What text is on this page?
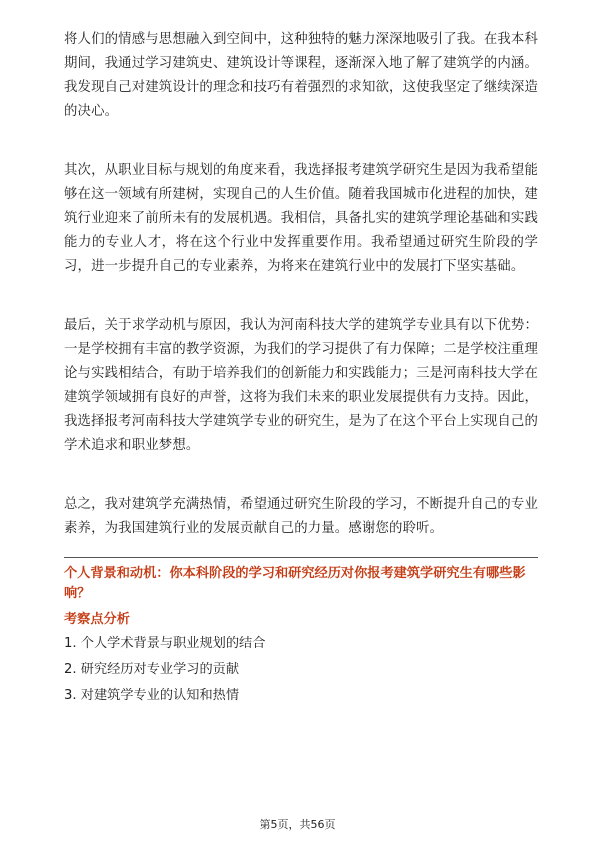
将人们的情感与思想融入到空间中，这种独特的魅力深深地吸引了我。在我本科期间，我通过学习建筑史、建筑设计等课程，逐渐深入地了解了建筑学的内涵。我发现自己对建筑设计的理念和技巧有着强烈的求知欲，这使我坚定了继续深造的决心。

其次，从职业目标与规划的角度来看，我选择报考建筑学研究生是因为我希望能够在这一领域有所建树，实现自己的人生价值。随着我国城市化进程的加快，建筑行业迎来了前所未有的发展机遇。我相信，具备扎实的建筑学理论基础和实践能力的专业人才，将在这个行业中发挥重要作用。我希望通过研究生阶段的学习，进一步提升自己的专业素养，为将来在建筑行业中的发展打下坚实基础。

最后，关于求学动机与原因，我认为河南科技大学的建筑学专业具有以下优势：一是学校拥有丰富的教学资源，为我们的学习提供了有力保障；二是学校注重理论与实践相结合，有助于培养我们的创新能力和实践能力；三是河南科技大学在建筑学领域拥有良好的声誉，这将为我们未来的职业发展提供有力支持。因此，我选择报考河南科技大学建筑学专业的研究生，是为了在这个平台上实现自己的学术追求和职业梦想。

总之，我对建筑学充满热情，希望通过研究生阶段的学习，不断提升自己的专业素养，为我国建筑行业的发展贡献自己的力量。感谢您的聆听。

个人背景和动机：你本科阶段的学习和研究经历对你报考建筑学研究生有哪些影响？
考察点分析
1. 个人学术背景与职业规划的结合
2. 研究经历对专业学习的贡献
3. 对建筑学专业的认知和热情
第5页，共56页
